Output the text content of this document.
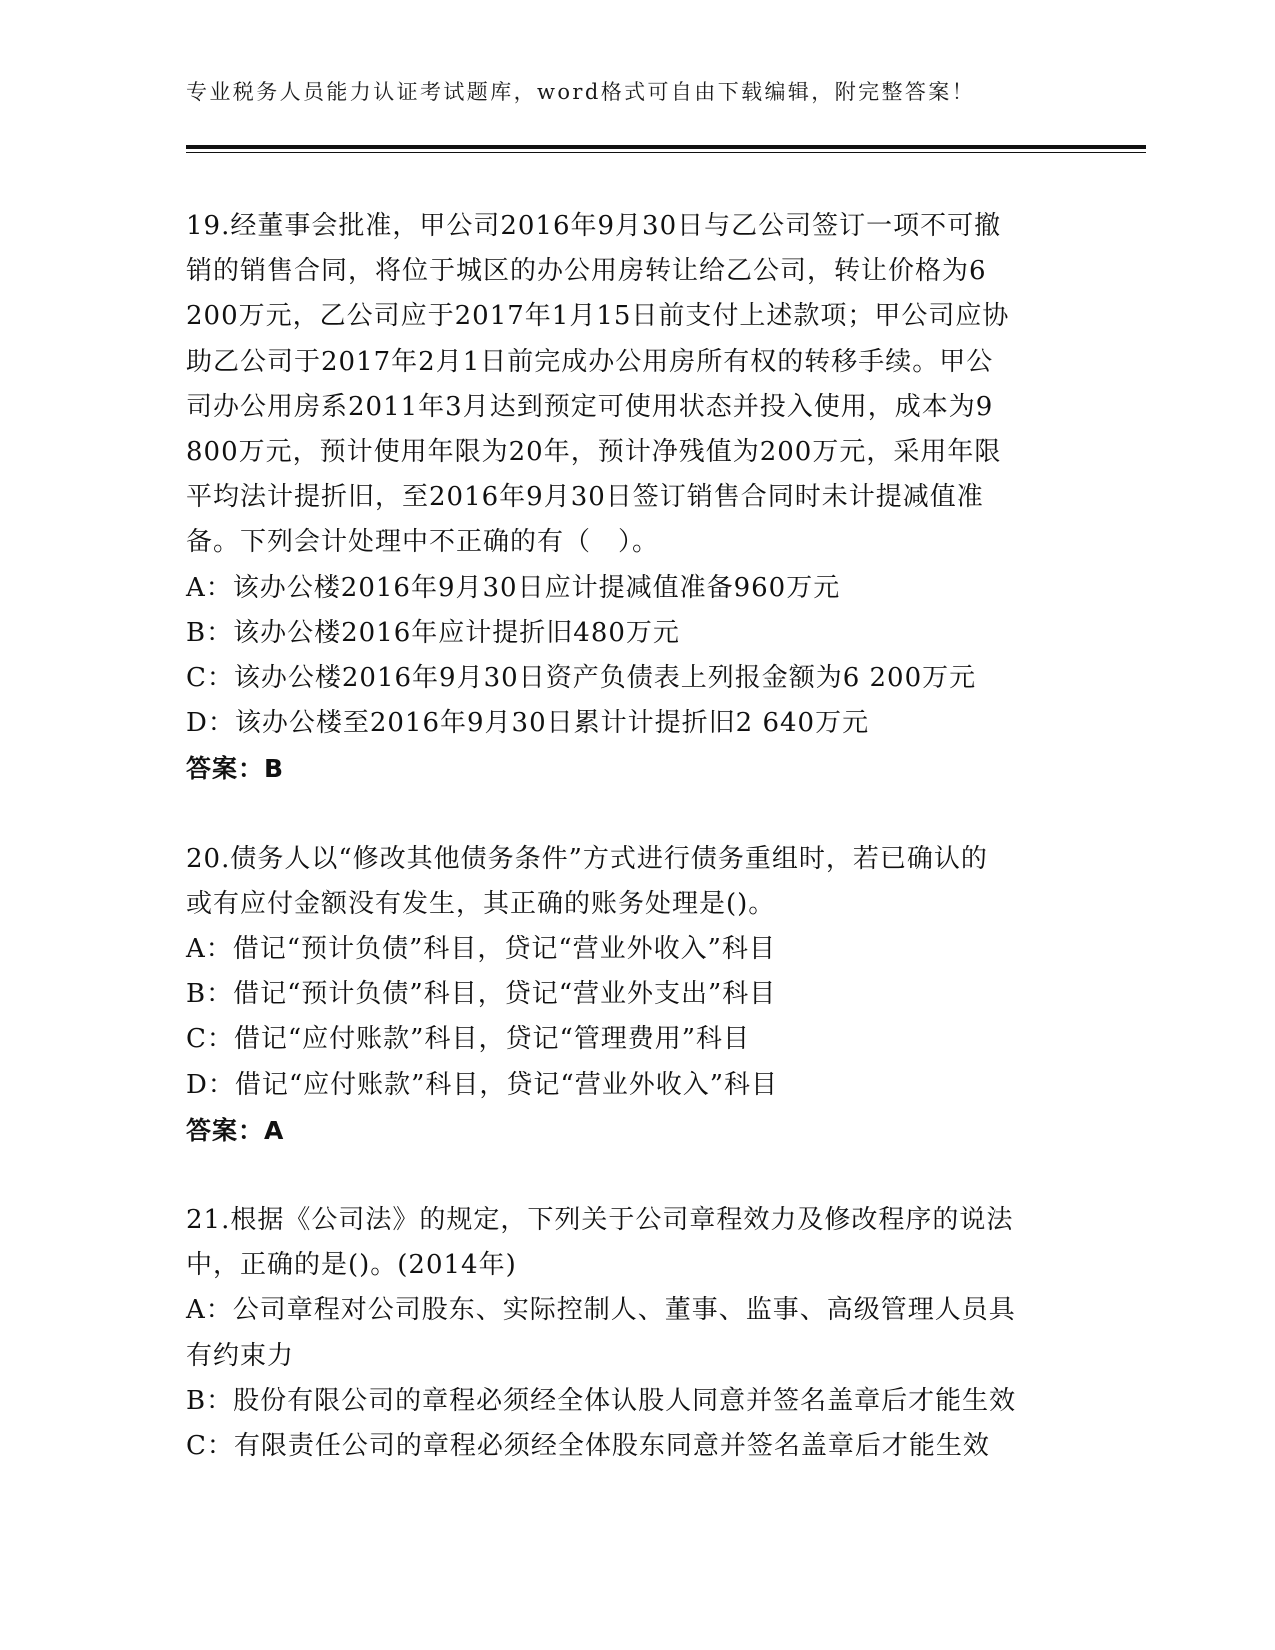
专业税务人员能力认证考试题库，word格式可自由下载编辑，附完整答案！
19.经董事会批准，甲公司2016年9月30日与乙公司签订一项不可撤
销的销售合同，将位于城区的办公用房转让给乙公司，转让价格为6
200万元，乙公司应于2017年1月15日前支付上述款项；甲公司应协
助乙公司于2017年2月1日前完成办公用房所有权的转移手续。甲公
司办公用房系2011年3月达到预定可使用状态并投入使用，成本为9
800万元，预计使用年限为20年，预计净残值为200万元，采用年限
平均法计提折旧，至2016年9月30日签订销售合同时未计提减值准
备。下列会计处理中不正确的有（　）。
A：该办公楼2016年9月30日应计提减值准备960万元
B：该办公楼2016年应计提折旧480万元
C：该办公楼2016年9月30日资产负债表上列报金额为6 200万元
D：该办公楼至2016年9月30日累计计提折旧2 640万元
答案：B
20.债务人以“修改其他债务条件”方式进行债务重组时，若已确认的
或有应付金额没有发生，其正确的账务处理是()。
A：借记“预计负债”科目，贷记“营业外收入”科目
B：借记“预计负债”科目，贷记“营业外支出”科目
C：借记“应付账款”科目，贷记“管理费用”科目
D：借记“应付账款”科目，贷记“营业外收入”科目
答案：A
21.根据《公司法》的规定，下列关于公司章程效力及修改程序的说法
中，正确的是()。(2014年)
A：公司章程对公司股东、实际控制人、董事、监事、高级管理人员具
有约束力
B：股份有限公司的章程必须经全体认股人同意并签名盖章后才能生效
C：有限责任公司的章程必须经全体股东同意并签名盖章后才能生效
